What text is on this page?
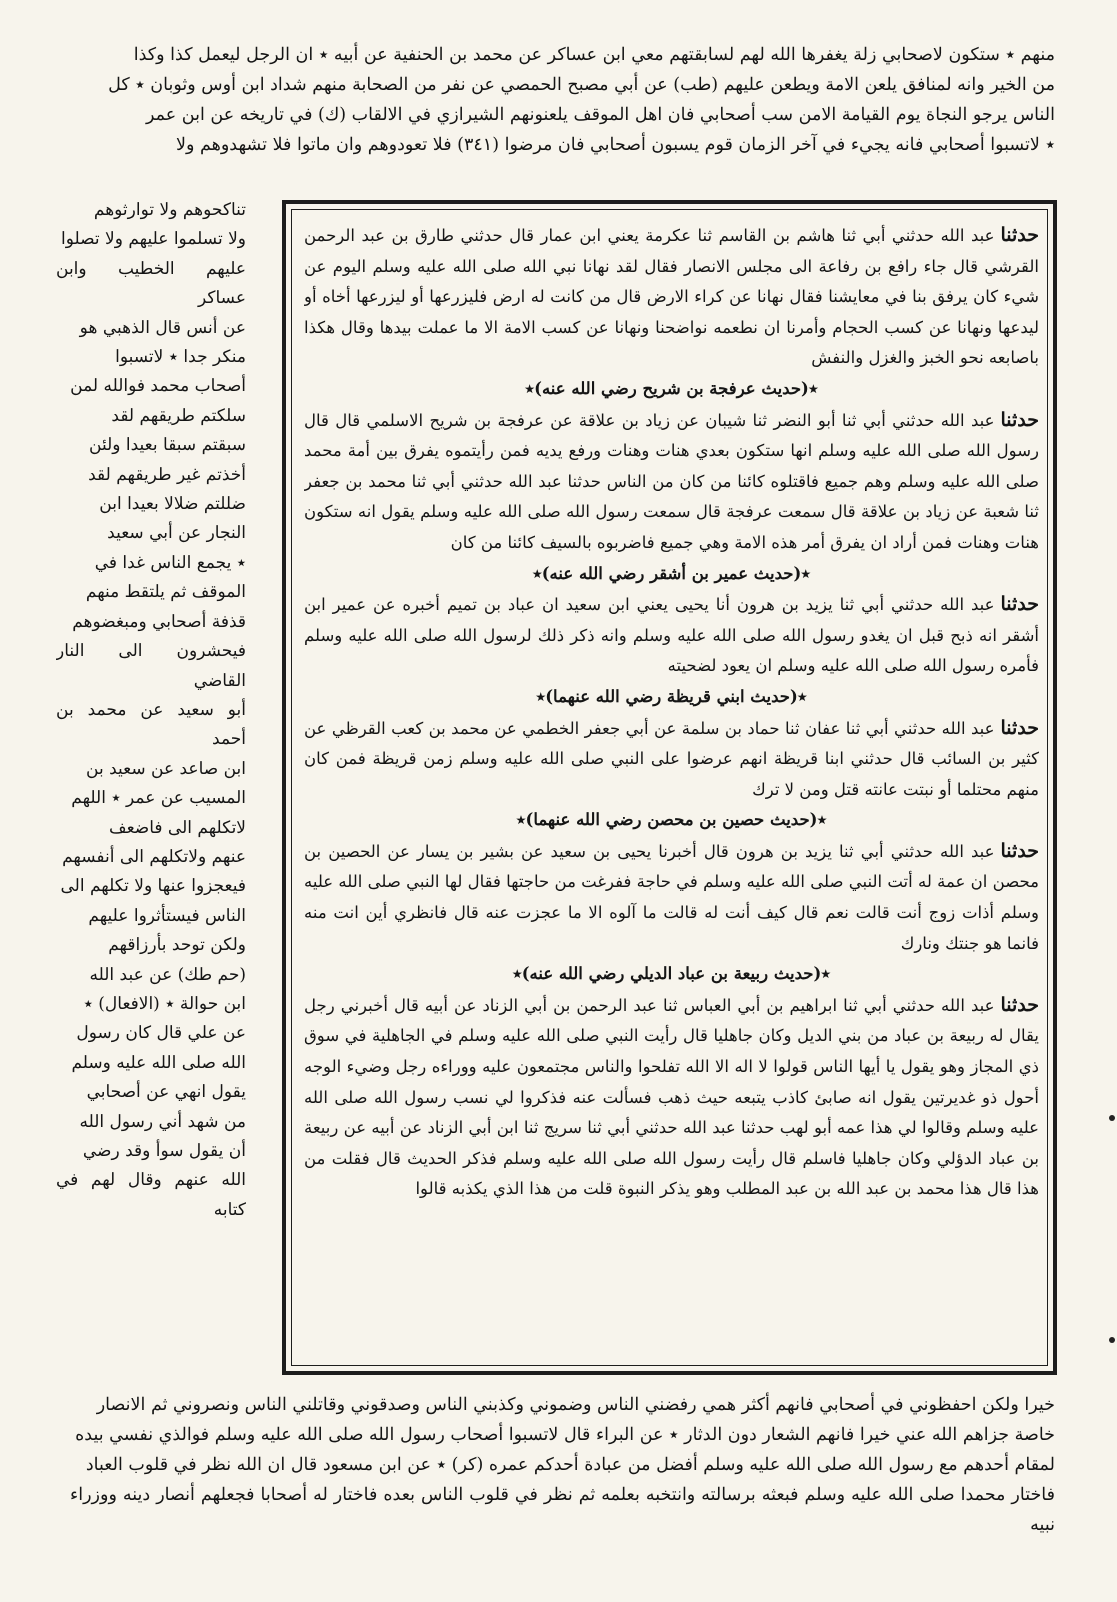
منهم ٭ ستكون لاصحابي زلة يغفرها الله لهم لسابقتهم معي ابن عساكر عن محمد بن الحنفية عن أبيه ٭ ان الرجل ليعمل كذا وكذا

من الخير وانه لمنافق يلعن الامة ويطعن عليهم (طب) عن أبي مصبح الحمصي عن نفر من الصحابة منهم شداد ابن أوس وثوبان ٭ كل

الناس يرجو النجاة يوم القيامة الامن سب أصحابي فان اهل الموقف يلعنونهم الشيرازي في الالقاب (ك) في تاريخه عن ابن عمر

٭ لاتسبوا أصحابي فانه يجيء في آخر الزمان قوم يسبون أصحابي فان مرضوا (٣٤١) فلا تعودوهم وان ماتوا فلا تشهدوهم ولا

تناكحوهم ولا توارثوهم

ولا تسلموا عليهم ولا تصلوا

عليهم الخطيب وابن عساكر

عن أنس قال الذهبي هو

منكر جدا ٭ لاتسبوا

أصحاب محمد فوالله لمن

سلكتم طريقهم لقد

سبقتم سبقا بعيدا ولئن

أخذتم غير طريقهم لقد

ضللتم ضلالا بعيدا ابن

النجار عن أبي سعيد

٭ يجمع الناس غدا في

الموقف ثم يلتقط منهم

قذفة أصحابي ومبغضوهم

فيحشرون الى النار القاضي

أبو سعيد عن محمد بن أحمد

ابن صاعد عن سعيد بن

المسيب عن عمر ٭ اللهم

لاتكلهم الى فاضعف

عنهم ولاتكلهم الى أنفسهم

فيعجزوا عنها ولا تكلهم الى

الناس فيستأثروا عليهم

ولكن توحد بأرزاقهم

(حم طك) عن عبد الله

ابن حوالة ٭ (الافعال) ٭

عن علي قال كان رسول

الله صلى الله عليه وسلم

يقول انهي عن أصحابي

من شهد أني رسول الله

أن يقول سوأ وقد رضي

الله عنهم وقال لهم في كتابه

حدثناعبد الله حدثني أبي ثنا هاشم بن القاسم ثنا عكرمة يعني ابن عمار قال حدثني طارق بن عبد الرحمن القرشي قال جاء رافع بن رفاعة الى مجلس الانصار فقال لقد نهانا نبي الله صلى الله عليه وسلم اليوم عن شيء كان يرفق بنا في معايشنا فقال نهانا عن كراء الارض قال من كانت له ارض فليزرعها أو ليزرعها أخاه أو ليدعها ونهانا عن كسب الحجام وأمرنا ان نطعمه نواضحنا ونهانا عن كسب الامة الا ما عملت بيدها وقال هكذا باصابعه نحو الخبز والغزل والنفش

٭(حديث عرفجة بن شريح رضي الله عنه)٭

حدثناعبد الله حدثني أبي ثنا أبو النضر ثنا شيبان عن زياد بن علاقة عن عرفجة بن شريح الاسلمي قال قال رسول الله صلى الله عليه وسلم انها ستكون بعدي هنات وهنات ورفع يديه فمن رأيتموه يفرق بين أمة محمد صلى الله عليه وسلم وهم جميع فاقتلوه كائنا من كان من الناس حدثنا عبد الله حدثني أبي ثنا محمد بن جعفر ثنا شعبة عن زياد بن علاقة قال سمعت عرفجة قال سمعت رسول الله صلى الله عليه وسلم يقول انه ستكون هنات وهنات فمن أراد ان يفرق أمر هذه الامة وهي جميع فاضربوه بالسيف كائنا من كان

٭(حديث عمير بن أشقر رضي الله عنه)٭

حدثناعبد الله حدثني أبي ثنا يزيد بن هرون أنا يحيى يعني ابن سعيد ان عباد بن تميم أخبره عن عمير ابن أشقر انه ذبح قبل ان يغدو رسول الله صلى الله عليه وسلم وانه ذكر ذلك لرسول الله صلى الله عليه وسلم فأمره رسول الله صلى الله عليه وسلم ان يعود لضحيته

٭(حديث ابني قريظة رضي الله عنهما)٭

حدثناعبد الله حدثني أبي ثنا عفان ثنا حماد بن سلمة عن أبي جعفر الخطمي عن محمد بن كعب القرظي عن كثير بن السائب قال حدثني ابنا قريظة انهم عرضوا على النبي صلى الله عليه وسلم زمن قريظة فمن كان منهم محتلما أو نبتت عانته قتل ومن لا ترك

٭(حديث حصين بن محصن رضي الله عنهما)٭

حدثناعبد الله حدثني أبي ثنا يزيد بن هرون قال أخبرنا يحيى بن سعيد عن بشير بن يسار عن الحصين بن محصن ان عمة له أتت النبي صلى الله عليه وسلم في حاجة ففرغت من حاجتها فقال لها النبي صلى الله عليه وسلم أذات زوج أنت قالت نعم قال كيف أنت له قالت ما آلوه الا ما عجزت عنه قال فانظري أين انت منه فانما هو جنتك ونارك

٭(حديث ربيعة بن عباد الديلي رضي الله عنه)٭

حدثناعبد الله حدثني أبي ثنا ابراهيم بن أبي العباس ثنا عبد الرحمن بن أبي الزناد عن أبيه قال أخبرني رجل يقال له ربيعة بن عباد من بني الديل وكان جاهليا قال رأيت النبي صلى الله عليه وسلم في الجاهلية في سوق ذي المجاز وهو يقول يا أيها الناس قولوا لا اله الا الله تفلحوا والناس مجتمعون عليه ووراءه رجل وضيء الوجه أحول ذو غديرتين يقول انه صابئ كاذب يتبعه حيث ذهب فسألت عنه فذكروا لي نسب رسول الله صلى الله عليه وسلم وقالوا لي هذا عمه أبو لهب حدثنا عبد الله حدثني أبي ثنا سريج ثنا ابن أبي الزناد عن أبيه عن ربيعة بن عباد الدؤلي وكان جاهليا فاسلم قال رأيت رسول الله صلى الله عليه وسلم فذكر الحديث قال فقلت من هذا قال هذا محمد بن عبد الله بن عبد المطلب وهو يذكر النبوة قلت من هذا الذي يكذبه قالوا

خيرا ولكن احفظوني في أصحابي فانهم أكثر همي رفضني الناس وضموني وكذبني الناس وصدقوني وقاتلني الناس ونصروني ثم الانصار

خاصة جزاهم الله عني خيرا فانهم الشعار دون الدثار ٭ عن البراء قال لاتسبوا أصحاب رسول الله صلى الله عليه وسلم فوالذي نفسي بيده

لمقام أحدهم مع رسول الله صلى الله عليه وسلم أفضل من عبادة أحدكم عمره (كر) ٭ عن ابن مسعود قال ان الله نظر في قلوب العباد

فاختار محمدا صلى الله عليه وسلم فبعثه برسالته وانتخبه بعلمه ثم نظر في قلوب الناس بعده فاختار له أصحابا فجعلهم أنصار دينه ووزراء نبيه
